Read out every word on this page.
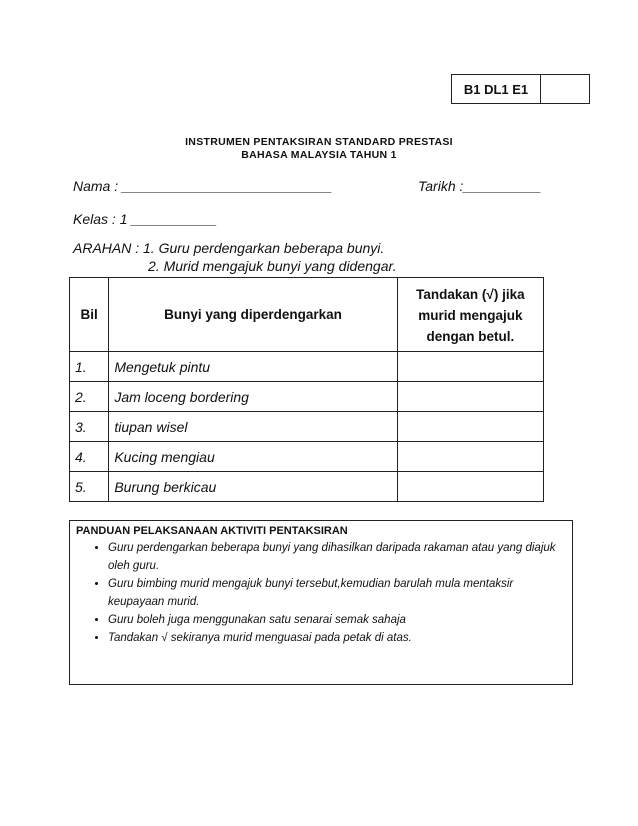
B1 DL1 E1
INSTRUMEN PENTAKSIRAN STANDARD PRESTASI
BAHASA MALAYSIA TAHUN 1
Nama : ___________________________	Tarikh :__________
Kelas : 1 ___________
ARAHAN : 1. Guru perdengarkan beberapa bunyi.
2. Murid mengajuk bunyi yang didengar.
Bil	Bunyi yang diperdengarkan	Tandakan (√) jika
murid mengajuk
dengan betul.
1.	Mengetuk pintu	
2.	Jam loceng bordering	
3.	tiupan wisel	
4.	Kucing mengiau	
5.	Burung berkicau	
PANDUAN PELAKSANAAN AKTIVITI PENTAKSIRAN
• Guru perdengarkan beberapa bunyi yang dihasilkan daripada rakaman atau yang diajuk oleh guru.
• Guru bimbing murid mengajuk bunyi tersebut,kemudian barulah mula mentaksir keupayaan murid.
• Guru boleh juga menggunakan satu senarai semak sahaja
• Tandakan √ sekiranya murid menguasai pada petak di atas.
